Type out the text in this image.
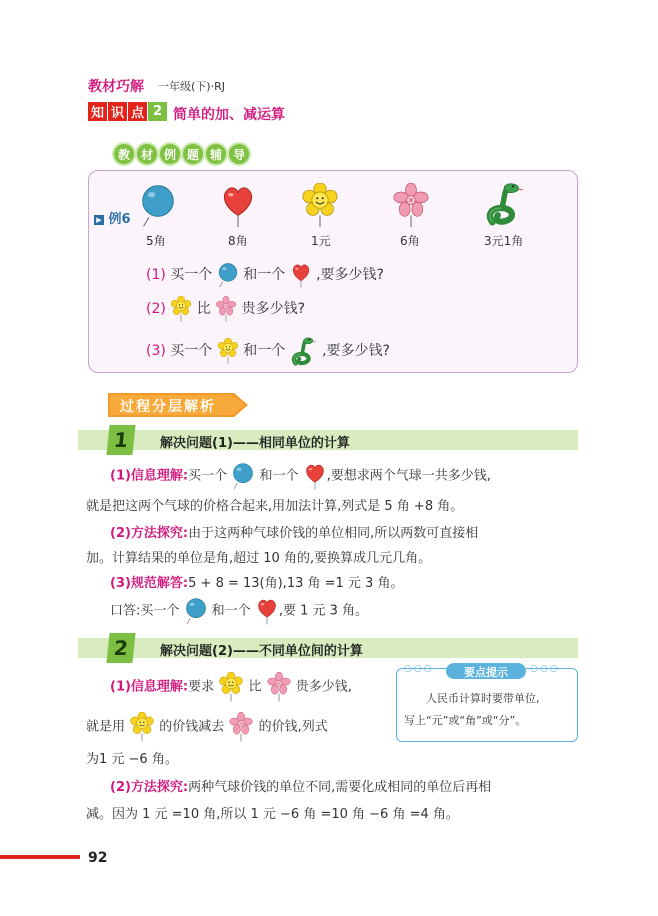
教材巧解 一年级(下)·RJ
知 识 点 2 简单的加、减运算
教 材 例 题 辅 导
▶ 例6
5角	8角	1元	6角	3元1角
(1) 买一个 和一个 ,要多少钱?
(2) 比 贵多少钱?
(3) 买一个 和一个	,要多少钱?
过程分层解析
1	解决问题(1)——相同单位的计算
(1)信息理解:买一个 和一个 ,要想求两个气球一共多少钱,
就是把这两个气球的价格合起来,用加法计算,列式是 5 角 +8 角。
(2)方法探究:由于这两种气球价钱的单位相同,所以两数可直接相
加。计算结果的单位是角,超过 10 角的,要换算成几元几角。
(3)规范解答:5 + 8 = 13(角),13 角 =1 元 3 角。
口答:买一个 和一个 ,要 1 元 3 角。
2	解决问题(2)——不同单位间的计算
(1)信息理解:要求	比	贵多少钱,
就是用	的价钱减去	的价钱,列式
为1 元 −6 角。
(2)方法探究:两种气球价钱的单位不同,需要化成相同的单位后再相
减。因为 1 元 =10 角,所以 1 元 −6 角 =10 角 −6 角 =4 角。
○○○	○○○
要点提示
人民币计算时要带单位,
写上“元”或“角”或“分”。
92
